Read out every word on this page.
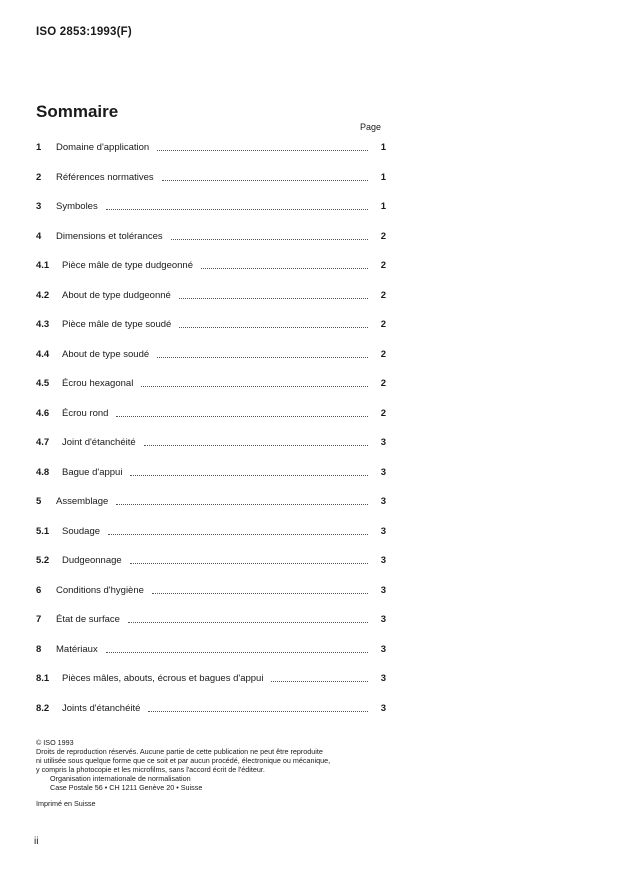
ISO 2853:1993(F)
Sommaire
Page
1	Domaine d'application	1
2	Références normatives	1
3	Symboles	1
4	Dimensions et tolérances	2
4.1	Pièce mâle de type dudgeonné	2
4.2	About de type dudgeonné	2
4.3	Pièce mâle de type soudé	2
4.4	About de type soudé	2
4.5	Écrou hexagonal	2
4.6	Écrou rond	2
4.7	Joint d'étanchéité	3
4.8	Bague d'appui	3
5	Assemblage	3
5.1	Soudage	3
5.2	Dudgeonnage	3
6	Conditions d'hygiène	3
7	État de surface	3
8	Matériaux	3
8.1	Pièces mâles, abouts, écrous et bagues d'appui	3
8.2	Joints d'étanchéité	3

© ISO 1993

Droits de reproduction réservés. Aucune partie de cette publication ne peut être reproduite

ni utilisée sous quelque forme que ce soit et par aucun procédé, électronique ou mécanique,

y compris la photocopie et les microfilms, sans l'accord écrit de l'éditeur.

Organisation internationale de normalisation

Case Postale 56 • CH 1211 Genève 20 • Suisse

Imprimé en Suisse

ii
